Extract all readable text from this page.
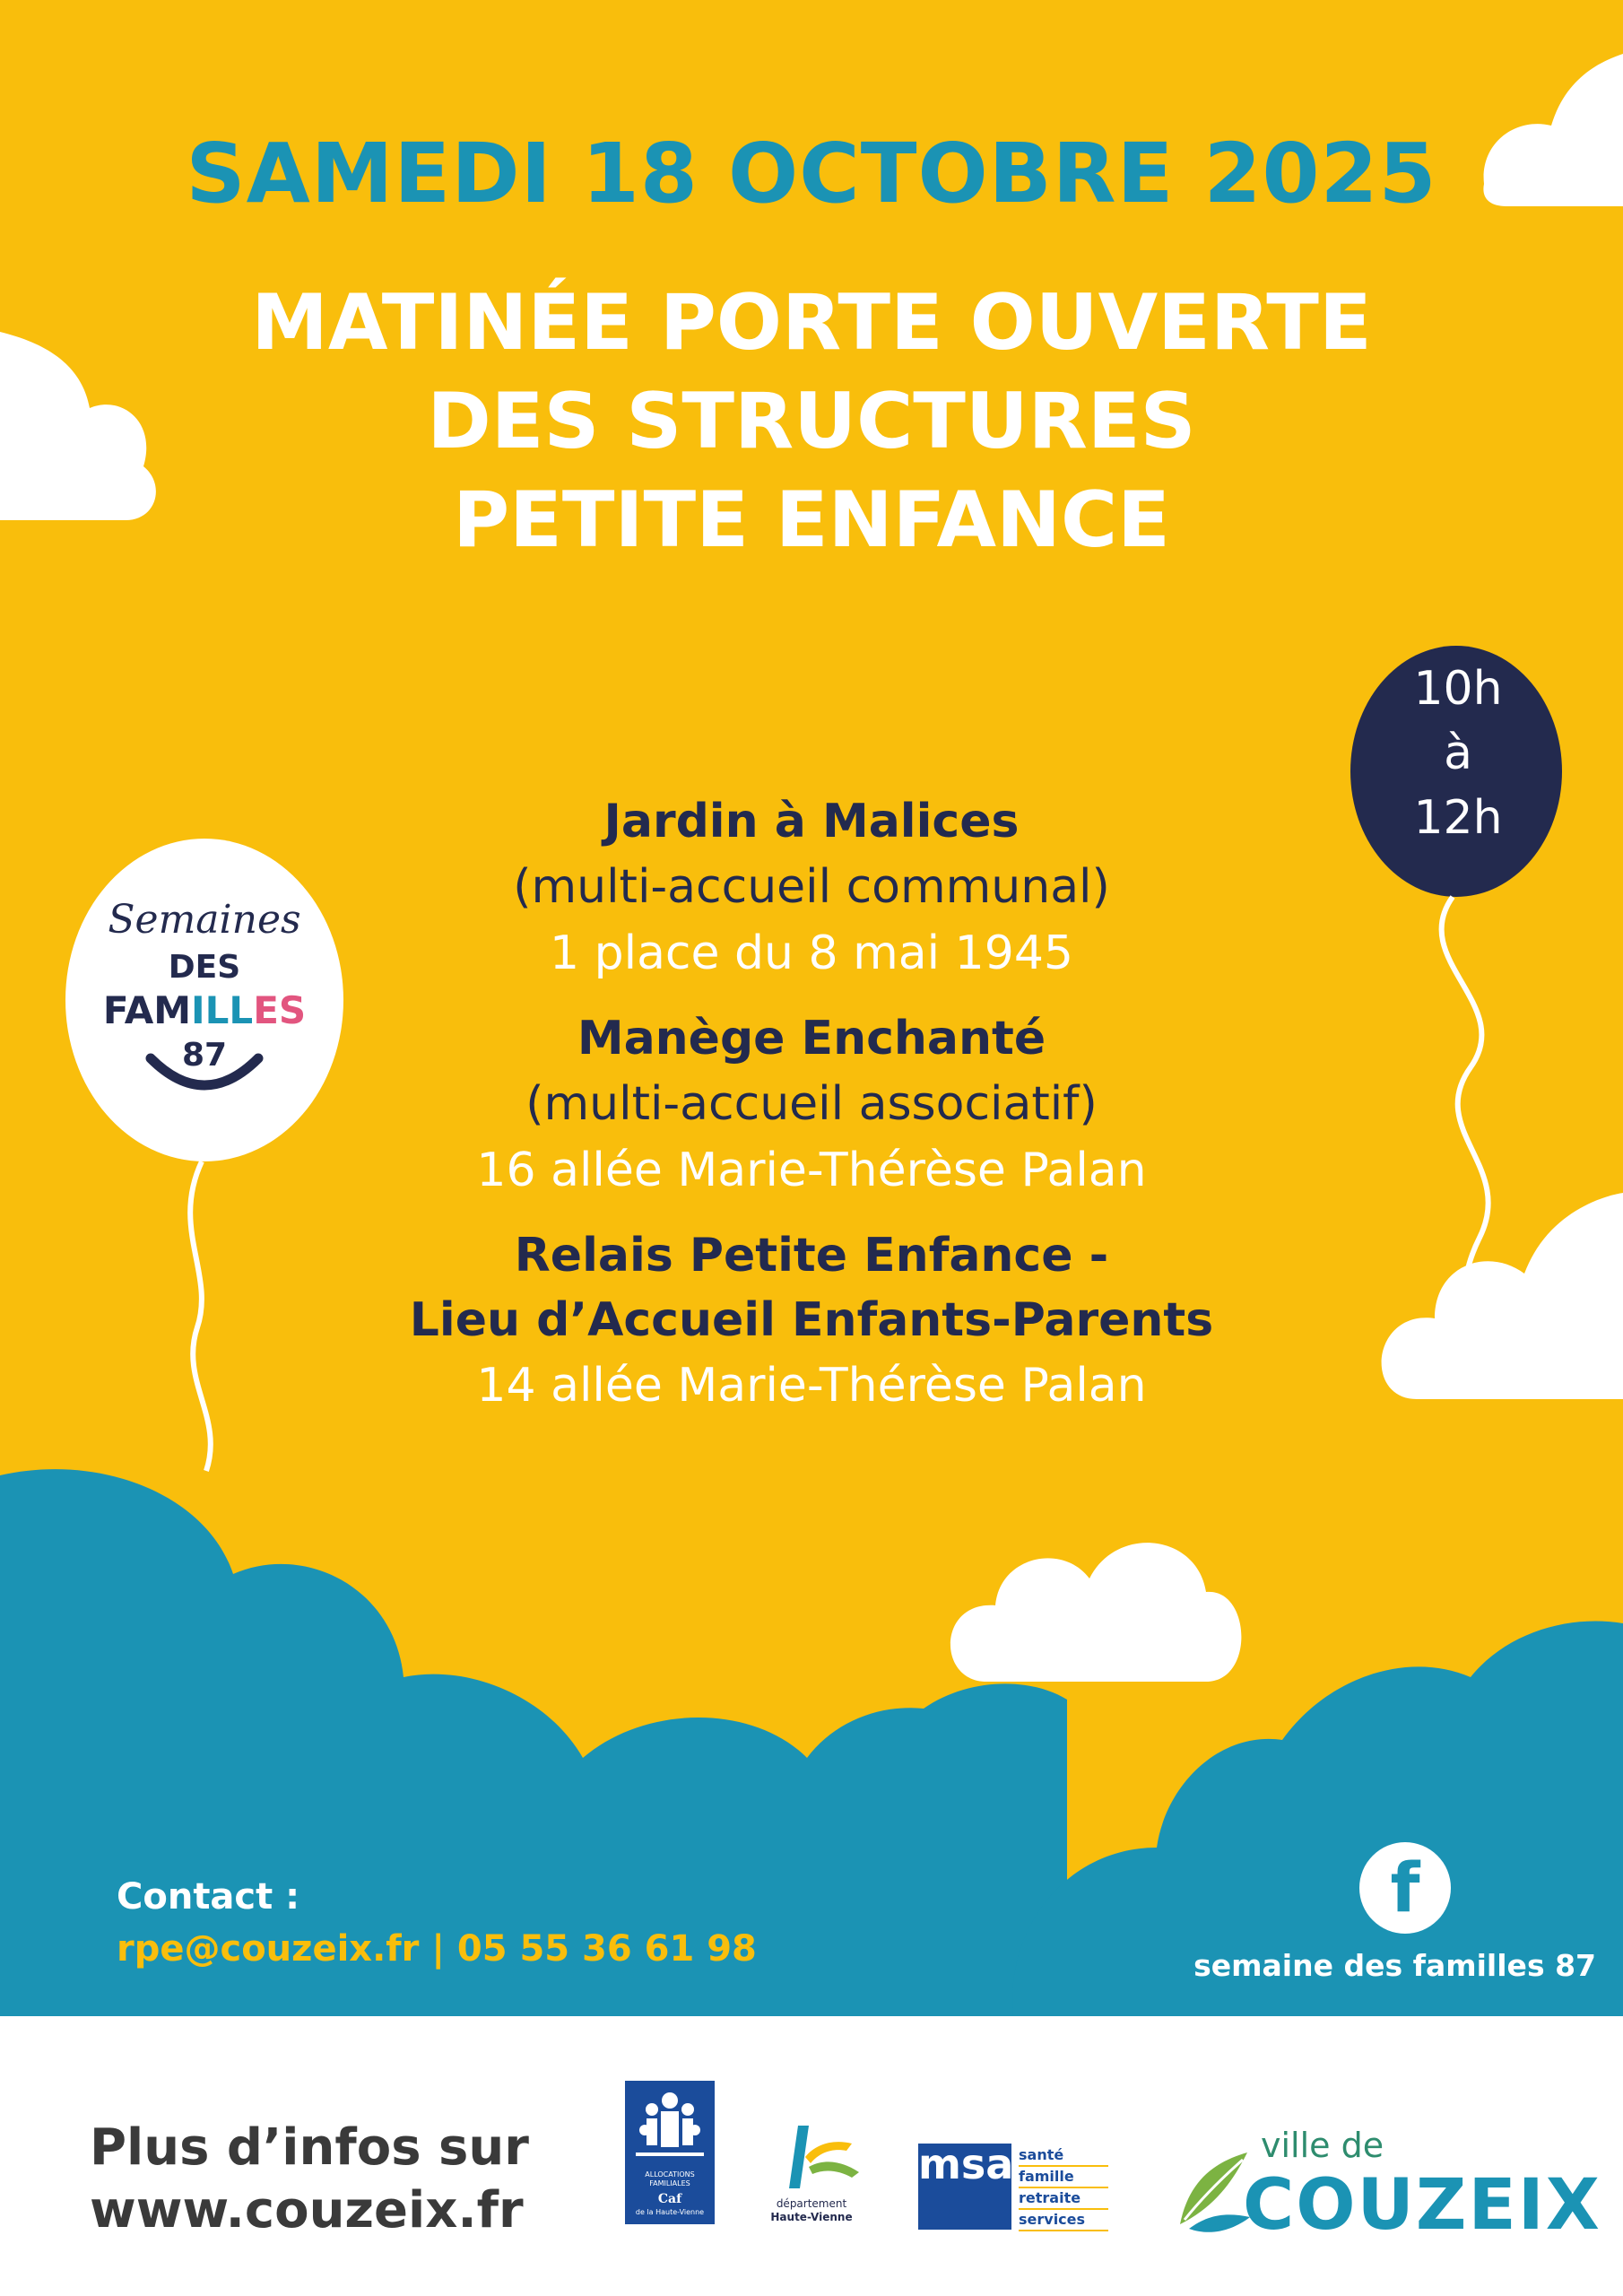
SAMEDI 18 OCTOBRE 2025
MATINÉE PORTE OUVERTE
DES STRUCTURES
PETITE ENFANCE
10h
à
12h
Semaines
DES
FAMILLES
87
Jardin à Malices
(multi-accueil communal)
1 place du 8 mai 1945
Manège Enchanté
(multi-accueil associatif)
16 allée Marie-Thérèse Palan
Relais Petite Enfance -
Lieu d’Accueil Enfants-Parents
14 allée Marie-Thérèse Palan
Contact :
rpe@couzeix.fr | 05 55 36 61 98
f
semaine des familles 87
Plus d’infos sur
www.couzeix.fr
ALLOCATIONS FAMILIALES
Caf
de la Haute-Vienne
département
Haute-Vienne
msa santé
famille
retraite
services
ville de
COUZEIX
